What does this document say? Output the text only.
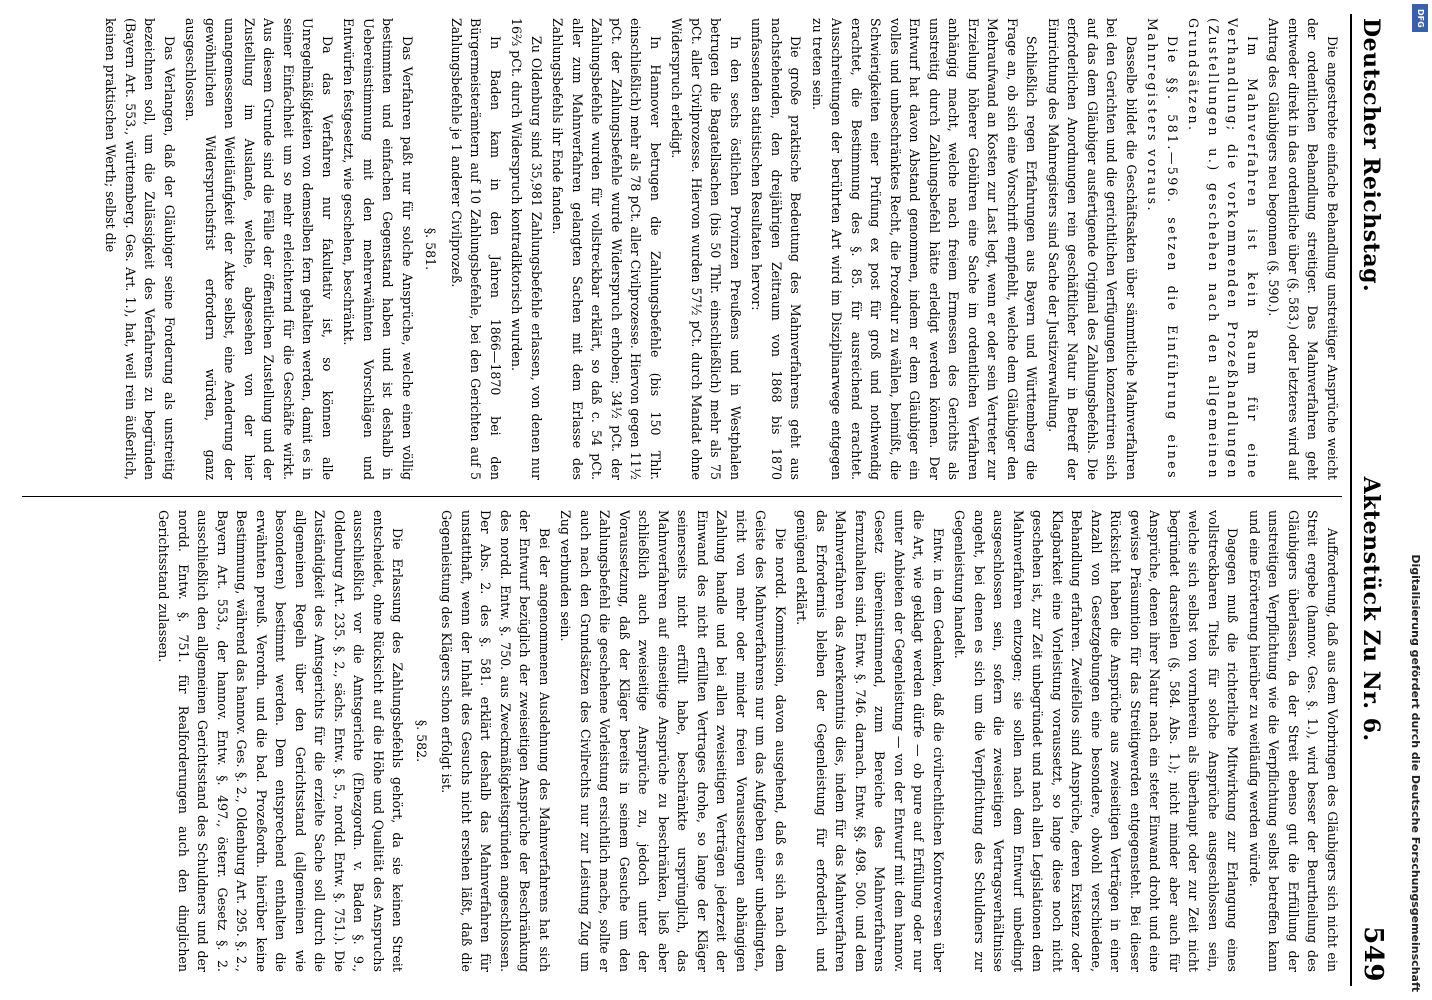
Deutscher Reichstag.
Aktenstück Zu Nr. 6.
549

Die angestrebte einfache Behandlung unstreitiger Ansprüche weicht der ordentlichen Behandlung streitiger. Das Mahnverfahren geht entweder direkt in das ordentliche über (§. 583.) oder letzteres wird auf Antrag des Gläubigers neu begonnen (§. 590.).

Im Mahnverfahren ist kein Raum für eine Verhandlung; die vorkommenden Prozeßhandlungen (Zustellungen u.) geschehen nach den allgemeinen Grundsätzen.

Die §§. 581.—596. setzen die Einführung eines Mahnregisters voraus.

Dasselbe bildet die Geschäftsakten über sämmtliche Mahnverfahren bei den Gerichten und die gerichtlichen Verfügungen konzentriren sich auf das dem Gläubiger ausfertigende Original des Zahlungsbefehls. Die erforderlichen Anordnungen rein geschäftlicher Natur in Betreff der Einrichtung des Mahnregisters sind Sache der Justizverwaltung.

Schließlich regen Erfahrungen aus Bayern und Württemberg die Frage an, ob sich eine Vorschrift empfiehlt, welche dem Gläubiger den Mehraufwand an Kosten zur Last legt, wenn er oder sein Vertreter zur Erzielung höherer Gebühren eine Sache im ordentlichen Verfahren anhängig macht, welche nach freiem Ermessen des Gerichts als unstreitig durch Zahlungsbefehl hätte erledigt werden können. Der Entwurf hat davon Abstand genommen, indem er dem Gläubiger ein volles und unbeschränktes Recht, die Prozedur zu wählen, beimißt, die Schwierigkeiten einer Prüfung ex post für groß und nothwendig erachtet, die Bestimmung des §. 85. für ausreichend erachtet. Ausschreitungen der berührten Art wird im Disziplinarwege entgegen zu treten sein.

Die große praktische Bedeutung des Mahnverfahrens geht aus nachstehenden, den dreijährigen Zeitraum von 1868 bis 1870 umfassenden statistischen Resultaten hervor:

In den sechs östlichen Provinzen Preußens und in Westphalen betrugen die Bagatellsachen (bis 50 Thlr. einschließlich) mehr als 75 pCt. aller Civilprozesse. Hiervon wurden 57½ pCt. durch Mandat ohne Widerspruch erledigt.

In Hannover betrugen die Zahlungsbefehle (bis 150 Thlr. einschließlich) mehr als 78 pCt. aller Civilprozesse. Hiervon gegen 11½ pCt. der Zahlungsbefehle wurde Widerspruch erhoben; 34½ pCt. der Zahlungsbefehle wurden für vollstreckbar erklärt, so daß c. 54 pCt. aller zum Mahnverfahren gelangten Sachen mit dem Erlasse des Zahlungsbefehls ihr Ende fanden.

Zu Oldenburg sind 35,981 Zahlungsbefehle erlassen, von denen nur 16⅔ pCt. durch Widerspruch kontradiktorisch wurden.

In Baden kam in den Jahren 1866—1870 bei den Bürgermeisterämtern auf 10 Zahlungsbefehle, bei den Gerichten auf 5 Zahlungsbefehle je 1 anderer Civilprozeß.

§. 581.

Das Verfahren paßt nur für solche Ansprüche, welche einen völlig bestimmten und einfachen Gegenstand haben und ist deshalb in Uebereinstimmung mit den mehrerwähnten Vorschlägen und Entwürfen festgesetzt, wie geschehen, beschränkt.

Da das Verfahren nur fakultativ ist, so können alle Unregelmäßigkeiten von demselben fern gehalten werden, damit es in seiner Einfachheit um so mehr erleichternd für die Geschäfte wirkt. Aus diesem Grunde sind die Fälle der öffentlichen Zustellung und der Zustellung im Auslande, welche, abgesehen von der hier unangemessenen Weitläufigkeit der Akte selbst, eine Aenderung der gewöhnlichen Widerspruchsfrist erfordern würden, ganz ausgeschlossen.

Das Verlangen, daß der Gläubiger seine Forderung als unstreitig bezeichnen soll, um die Zulässigkeit des Verfahrens zu begründen (Bayern Art. 553., württemberg. Ges. Art. 1.), hat, weil rein äußerlich, keinen praktischen Werth; selbst die

Aufforderung, daß aus dem Vorbringen des Gläubigers sich nicht ein Streit ergebe (hannov. Ges. §. 1.), wird besser der Beurtheilung des Gläubigers überlassen, da der Streit ebenso gut die Erfüllung der unstreitigen Verpflichtung wie die Verpflichtung selbst betreffen kann und eine Erörterung hierüber zu weitläufig werden würde.

Dagegen muß die richterliche Mitwirkung zur Erlangung eines vollstreckbaren Titels für solche Ansprüche ausgeschlossen sein, welche sich selbst von vornherein als überhaupt oder zur Zeit nicht begründet darstellen (§. 584. Abs. 1.); nicht minder aber auch für Ansprüche, denen ihrer Natur nach ein steter Einwand droht und eine gewisse Präsumtion für das Streitigwerden entgegensteht. Bei dieser Rücksicht haben die Ansprüche aus zweiseitigen Verträgen in einer Anzahl von Gesetzgebungen eine besondere, obwohl verschiedene, Behandlung erfahren. Zweifellos sind Ansprüche, deren Existenz oder Klagbarkeit eine Vorleistung voraussetzt, so lange diese noch nicht geschehen ist, zur Zeit unbegründet und nach allen Legislationen dem Mahnverfahren entzogen; sie sollen nach dem Entwurf unbedingt ausgeschlossen sein, sofern die zweiseitigen Vertragsverhältnisse angeht, bei denen es sich um die Verpflichtung des Schuldners zur Gegenleistung handelt.

Entw. in dem Gedanken, daß die civilrechtlichen Kontroversen über die Art, wie geklagt werden dürfe — ob pure auf Erfüllung oder nur unter Anbieten der Gegenleistung — von der Entwurf mit dem hannov. Gesetz übereinstimmend, zum Bereiche des Mahnverfahrens fernzuhalten sind. Entw. §. 746. darnach. Entw. §§. 498. 500. und dem Mahnverfahren das Anerkenntnis dies, indem für das Mahnverfahren das Erfordernis bleiben der Gegenleistung für erforderlich und genügend erklärt.

Die nordd. Kommission, davon ausgehend, daß es sich nach dem Geiste des Mahnverfahrens nur um das Aufgeben einer unbedingten, nicht von mehr oder minder freien Voraussetzungen abhängigen Zahlung handle und bei allen zweiseitigen Verträgen jederzeit der Einwand des nicht erfüllten Vertrages drohe, so lange der Kläger seinerseits nicht erfüllt habe, beschränkte ursprünglich, das Mahnverfahren auf einseitige Ansprüche zu beschränken, ließ aber schließlich auch zweiseitige Ansprüche zu, jedoch unter der Voraussetzung, daß der Kläger bereits in seinem Gesuche um den Zahlungsbefehl die geschehene Vorleistung ersichtlich mache, sollte er auch nach den Grundsätzen des Civilrechts nur zur Leistung Zug um Zug verbunden sein.

Bei der angenommenen Ausdehnung des Mahnverfahrens hat sich der Entwurf bezüglich der zweiseitigen Ansprüche der Beschränkung des nordd. Entw. §. 750. aus Zweckmäßigkeitsgründen angeschlossen. Der Abs. 2. des §. 581. erklärt deshalb das Mahnverfahren für unstatthaft, wenn der Inhalt des Gesuchs nicht ersehen läßt, daß die Gegenleistung des Klägers schon erfolgt ist.

§. 582.

Die Erlassung des Zahlungsbefehls gehört, da sie keinen Streit entscheidet, ohne Rücksicht auf die Höhe und Qualität des Anspruchs ausschließlich vor die Amtsgerichte (Ehezgordn. v. Baden §. 9., Oldenburg Art. 235. §. 2., sächs. Entw. §. 5., nordd. Entw. §. 751.). Die Zuständigkeit des Amtsgerichts für die erzielte Sache soll durch die allgemeinen Regeln über den Gerichtsstand (allgemeinen wie besonderen) bestimmt werden. Dem entsprechend enthalten die erwähnten preuß. Verordn. und die bad. Prozeßordn. hierüber keine Bestimmung, während das hannov. Ges. §. 2., Oldenburg Art. 295. §. 2., Bayern Art. 553., der hannov. Entw. §. 497., österr. Gesetz §. 2. ausschließlich den allgemeinen Gerichtsstand des Schuldners und der nordd. Entw. §. 751. für Realforderungen auch den dinglichen Gerichtsstand zulassen.	Digitalisierung gefördert durch die Deutsche Forschungsgemeinschaft
DFG
